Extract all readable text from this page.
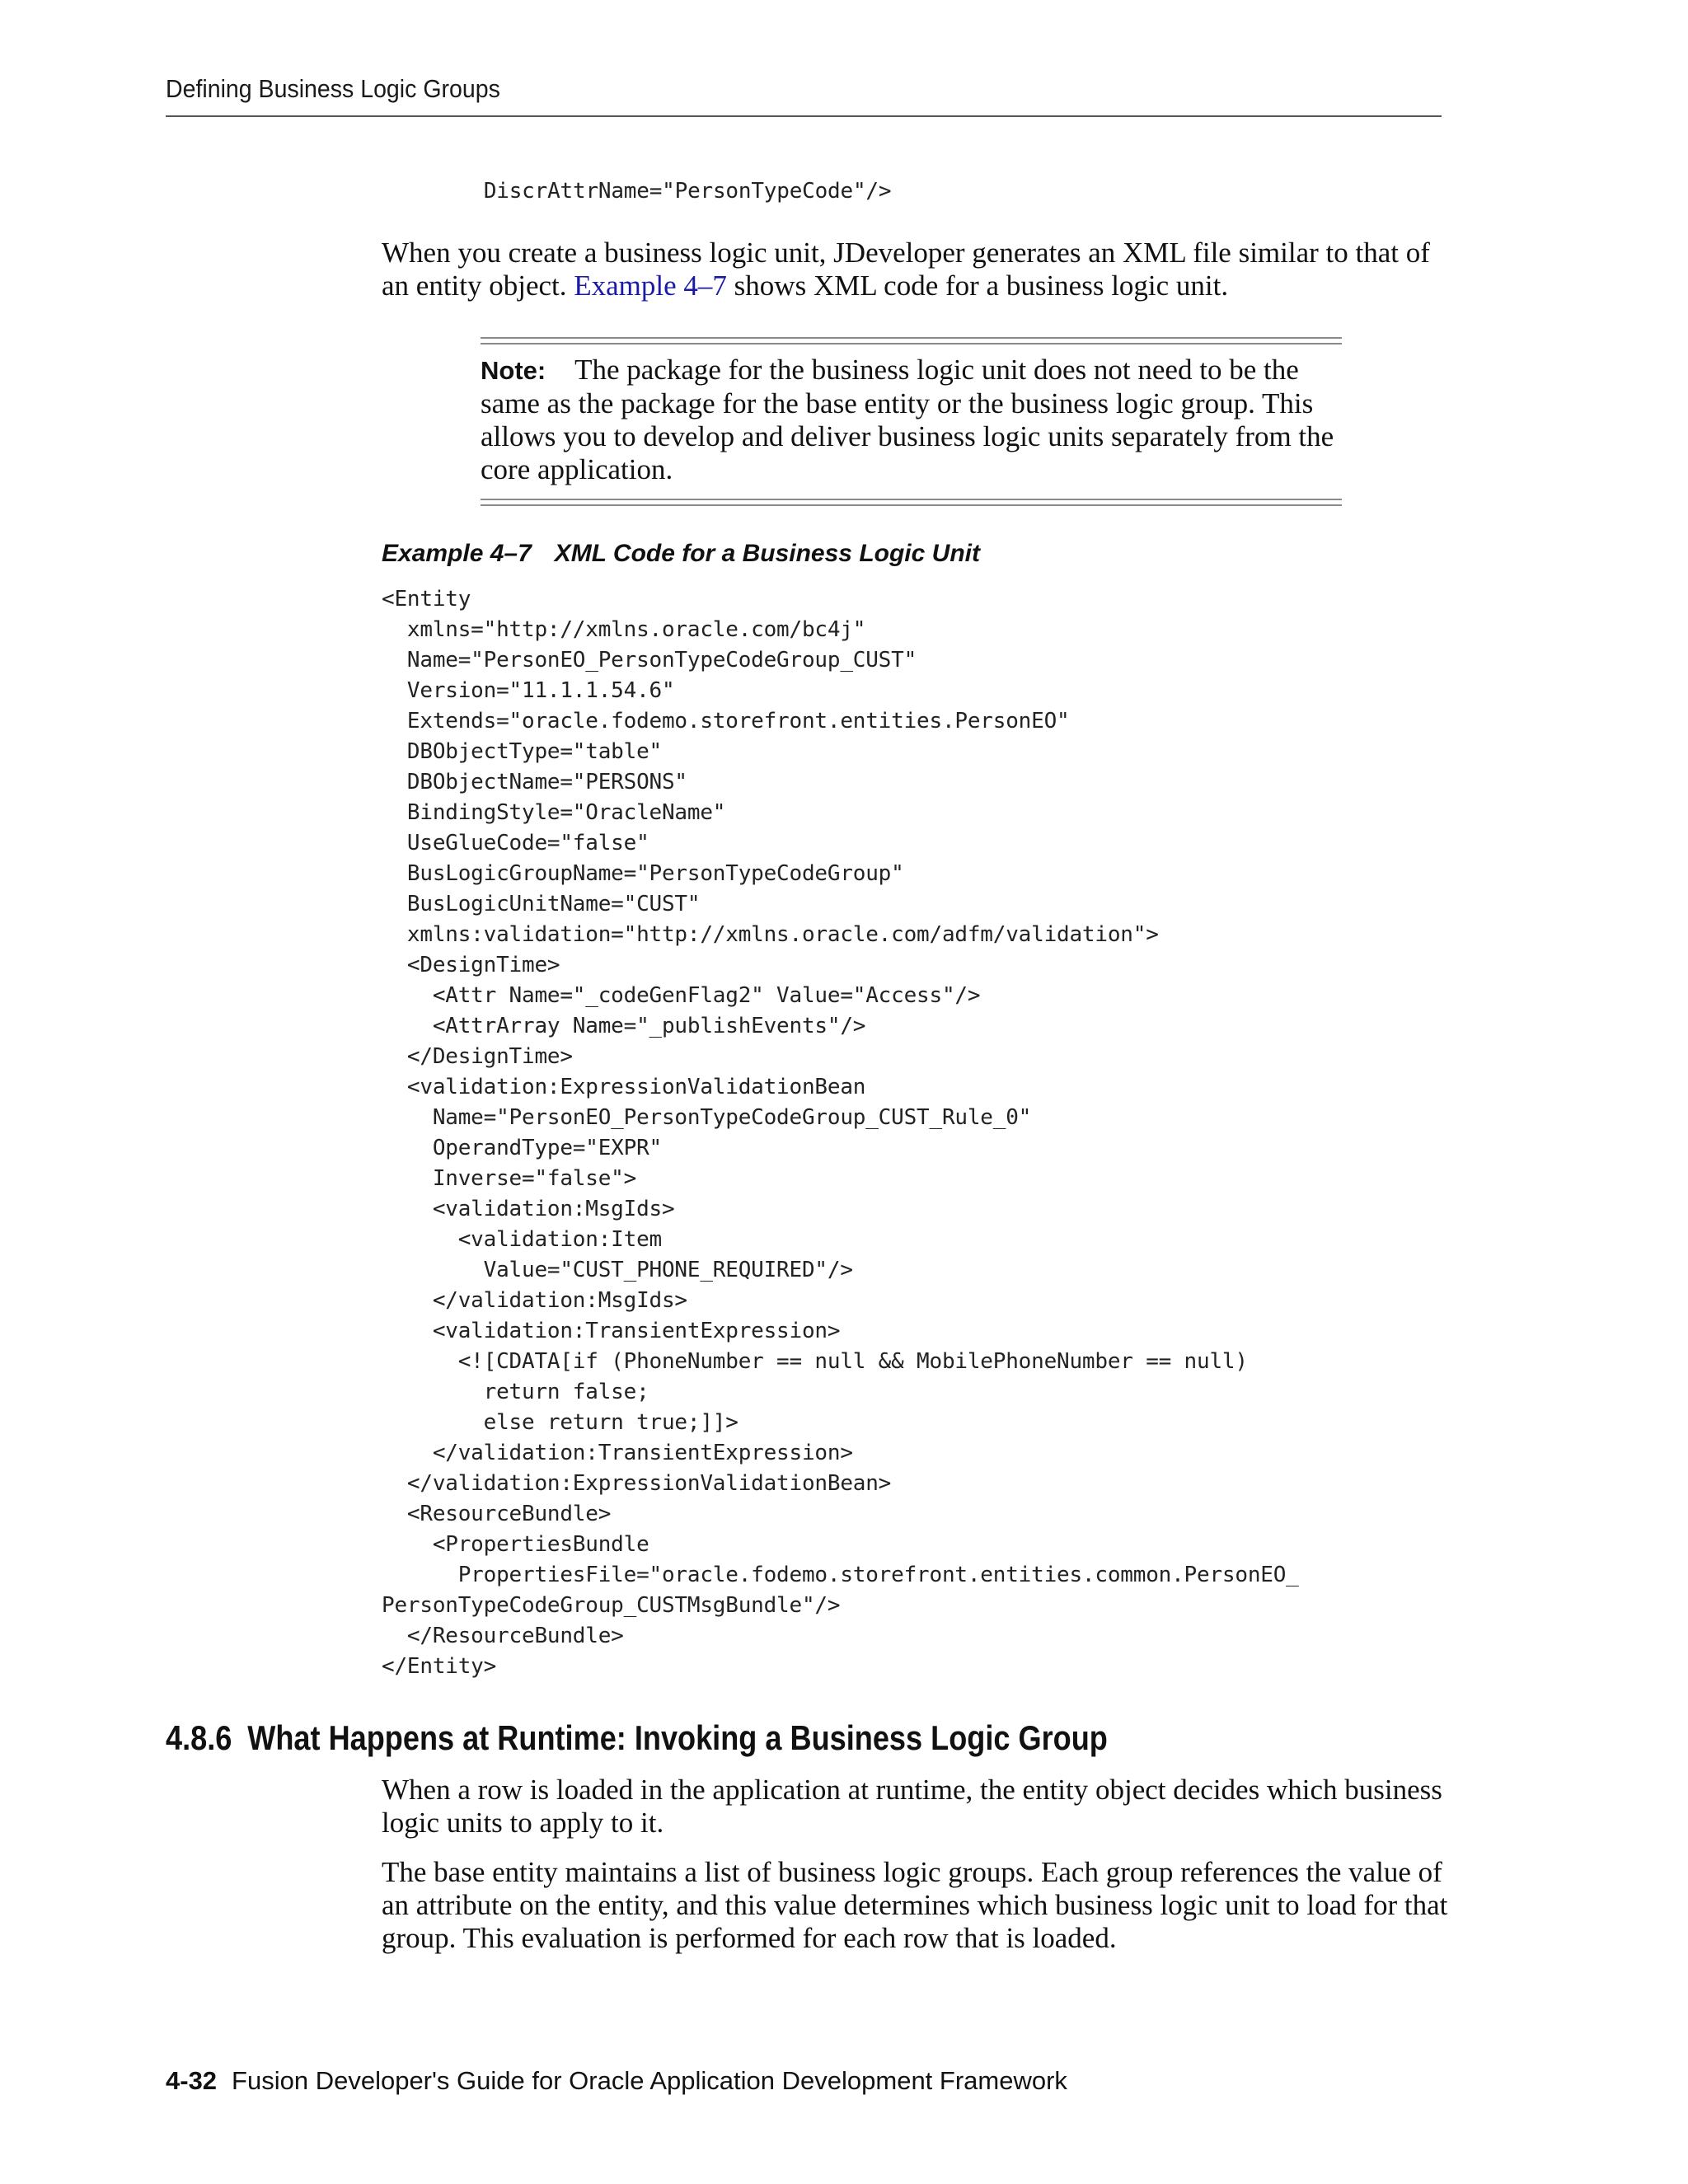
Defining Business Logic Groups
DiscrAttrName="PersonTypeCode"/>

When you create a business logic unit, JDeveloper generates an XML file similar to that of an entity object. Example 4–7 shows XML code for a business logic unit.

Note: The package for the business logic unit does not need to be the same as the package for the base entity or the business logic group. This allows you to develop and deliver business logic units separately from the core application.
Example 4–7 XML Code for a Business Logic Unit
<Entity
xmlns="http://xmlns.oracle.com/bc4j"
Name="PersonEO_PersonTypeCodeGroup_CUST"
Version="11.1.1.54.6"
Extends="oracle.fodemo.storefront.entities.PersonEO"
DBObjectType="table"
DBObjectName="PERSONS"
BindingStyle="OracleName"
UseGlueCode="false"
BusLogicGroupName="PersonTypeCodeGroup"
BusLogicUnitName="CUST"
xmlns:validation="http://xmlns.oracle.com/adfm/validation">
<DesignTime>
<Attr Name="_codeGenFlag2" Value="Access"/>
<AttrArray Name="_publishEvents"/>
</DesignTime>
<validation:ExpressionValidationBean
Name="PersonEO_PersonTypeCodeGroup_CUST_Rule_0"
OperandType="EXPR"
Inverse="false">
<validation:MsgIds>
<validation:Item
Value="CUST_PHONE_REQUIRED"/>
</validation:MsgIds>
<validation:TransientExpression>
<![CDATA[if (PhoneNumber == null && MobilePhoneNumber == null)
return false;
else return true;]]>
</validation:TransientExpression>
</validation:ExpressionValidationBean>
<ResourceBundle>
<PropertiesBundle
PropertiesFile="oracle.fodemo.storefront.entities.common.PersonEO_
PersonTypeCodeGroup_CUSTMsgBundle"/>
</ResourceBundle>
</Entity>
4.8.6 What Happens at Runtime: Invoking a Business Logic Group

When a row is loaded in the application at runtime, the entity object decides which business logic units to apply to it.

The base entity maintains a list of business logic groups. Each group references the value of an attribute on the entity, and this value determines which business logic unit to load for that group. This evaluation is performed for each row that is loaded.

4-32 Fusion Developer's Guide for Oracle Application Development Framework
